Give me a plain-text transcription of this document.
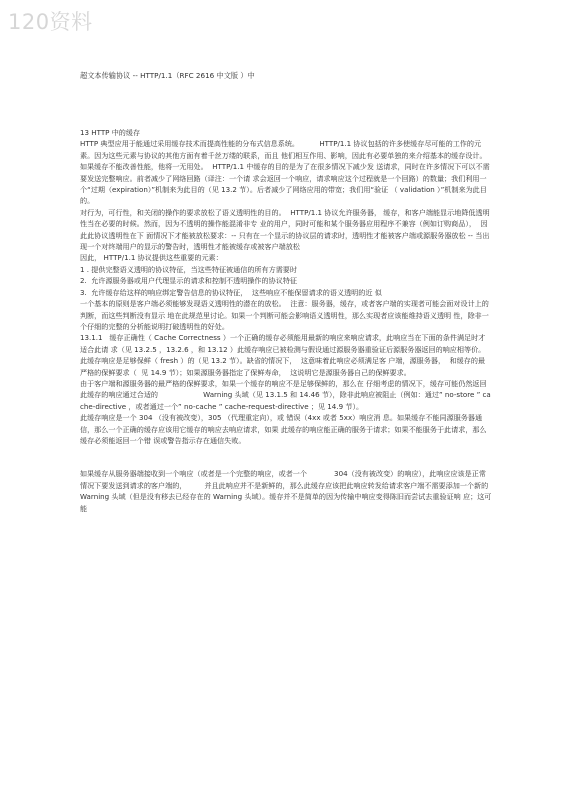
120资料
超文本传输协议 -- HTTP/1.1（RFC 2616 中文版 ）中

13 HTTP 中的缓存

HTTP 典型应用于能通过采用缓存技术而提高性能的分布式信息系统。         HTTP/1.1 协议包括的许多使缓存尽可能的工作的元素。因为这些元素与协议的其他方面有着千丝万缕的联系，而且 他们相互作用、影响，因此有必要单独的来介绍基本的缓存设计。

如果缓存不能改善性能，他将一无用处。  HTTP/1.1 中缓存的目的是为了在很多情况下减少发 送请求，同时在许多情况下可以不需要发送完整响应。前者减少了网络回路（译注：一个请 求会返回一个响应，请求响应这个过程就是一个回路）的数量；我们利用一个“过期（expiration）”机制来为此目的（见 13.2 节）。后者减少了网络应用的带宽；我们用“验证 （ validation ）”机制来为此目的。

对行为，可行性，和关闭的操作的要求放松了语义透明性的目的。  HTTP/1.1 协议允许服务器， 缓存，和客户端能显示地降低透明性当在必要的时候。然而，因为不透明的操作能混淆非专 业的用户，同时可能和某个服务器应用程序不兼容（例如订购商品），  因此此协议透明性在下 面情况下才能被放松要求：-- 只有在一个显示的协议层的请求时，透明性才能被客户端或源服务器放松 -- 当出现一个对终端用户的显示的警告时，透明性才能被缓存或被客户端放松

因此， HTTP/1.1 协议提供这些重要的元素：

1 . 提供完整语义透明的协议特征，当这些特征被通信的所有方需要时

2.  允许源服务器或用户代理显示的请求和控制不透明操作的协议特征

3.  允许缓存给这样的响应绑定警告信息的协议特征，  这些响应不能保留请求的语义透明的近 似

一个基本的原则是客户端必须能够发现语义透明性的潜在的放松。  注意：服务器，缓存，或者客户端的实现者可能会面对设计上的判断，而这些判断没有显示 地在此规范里讨论。如果一个判断可能会影响语义透明性，那么实现者应该能维持语义透明 性，除非一个仔细的完整的分析能说明打破透明性的好处。

13.1.1   缓存正确性（ Cache Correctness ）一个正确的缓存必须能用最新的响应来响应请求，此响应当在下面的条件满足时才适合此请 求（见 13.2.5 ，13.2.6 ，和 13.12 ）此缓存响应已被检测与假设通过源服务器重验证后源服务器返回的响应相等价。此缓存响应是足够保鲜（ fresh ）的（见 13.2 节）。缺省的情况下，  这意味着此响应必须满足客 户端，源服务器，  和缓存的最严格的保鲜要求（  见 14.9 节）；如果源服务器指定了保鲜寿命，  这说明它是源服务器自己的保鲜要求。

由于客户端和源服务器的最严格的保鲜要求，如果一个缓存的响应不是足够保鲜的，那么在 仔细考虑的情况下，缓存可能仍然返回此缓存的响应通过合适的                    Warning 头域（见 13.1.5 和 14.46 节），除非此响应被阻止（例如：通过” no-store ” cache-directive ，或者通过一个” no-cache ” cache-request-directive ；见 14.9 节）。

此缓存响应是一个 304 （没有被改变），305 （代理重定向），或 错误（4xx 或者 5xx）响应消 息。如果缓存不能同源服务器通信，那么一个正确的缓存应该用它缓存的响应去响应请求，如果 此缓存的响应能正确的服务于请求；如果不能服务于此请求，那么缓存必须能返回一个错 误或警告指示存在通信失败。

如果缓存从服务器端接收到一个响应（或者是一个完整的响应，或者一个            304（没有被改变）的响应），此响应应该是正常情况下要发送到请求的客户端的，        并且此响应并不是新鲜的，那么此缓存应该把此响应转发给请求客户端不需要添加一个新的             Warning 头域（但是没有移去已经存在的 Warning 头域）。缓存并不是简单的因为传输中响应变得陈旧而尝试去重验证响 应；这可能
